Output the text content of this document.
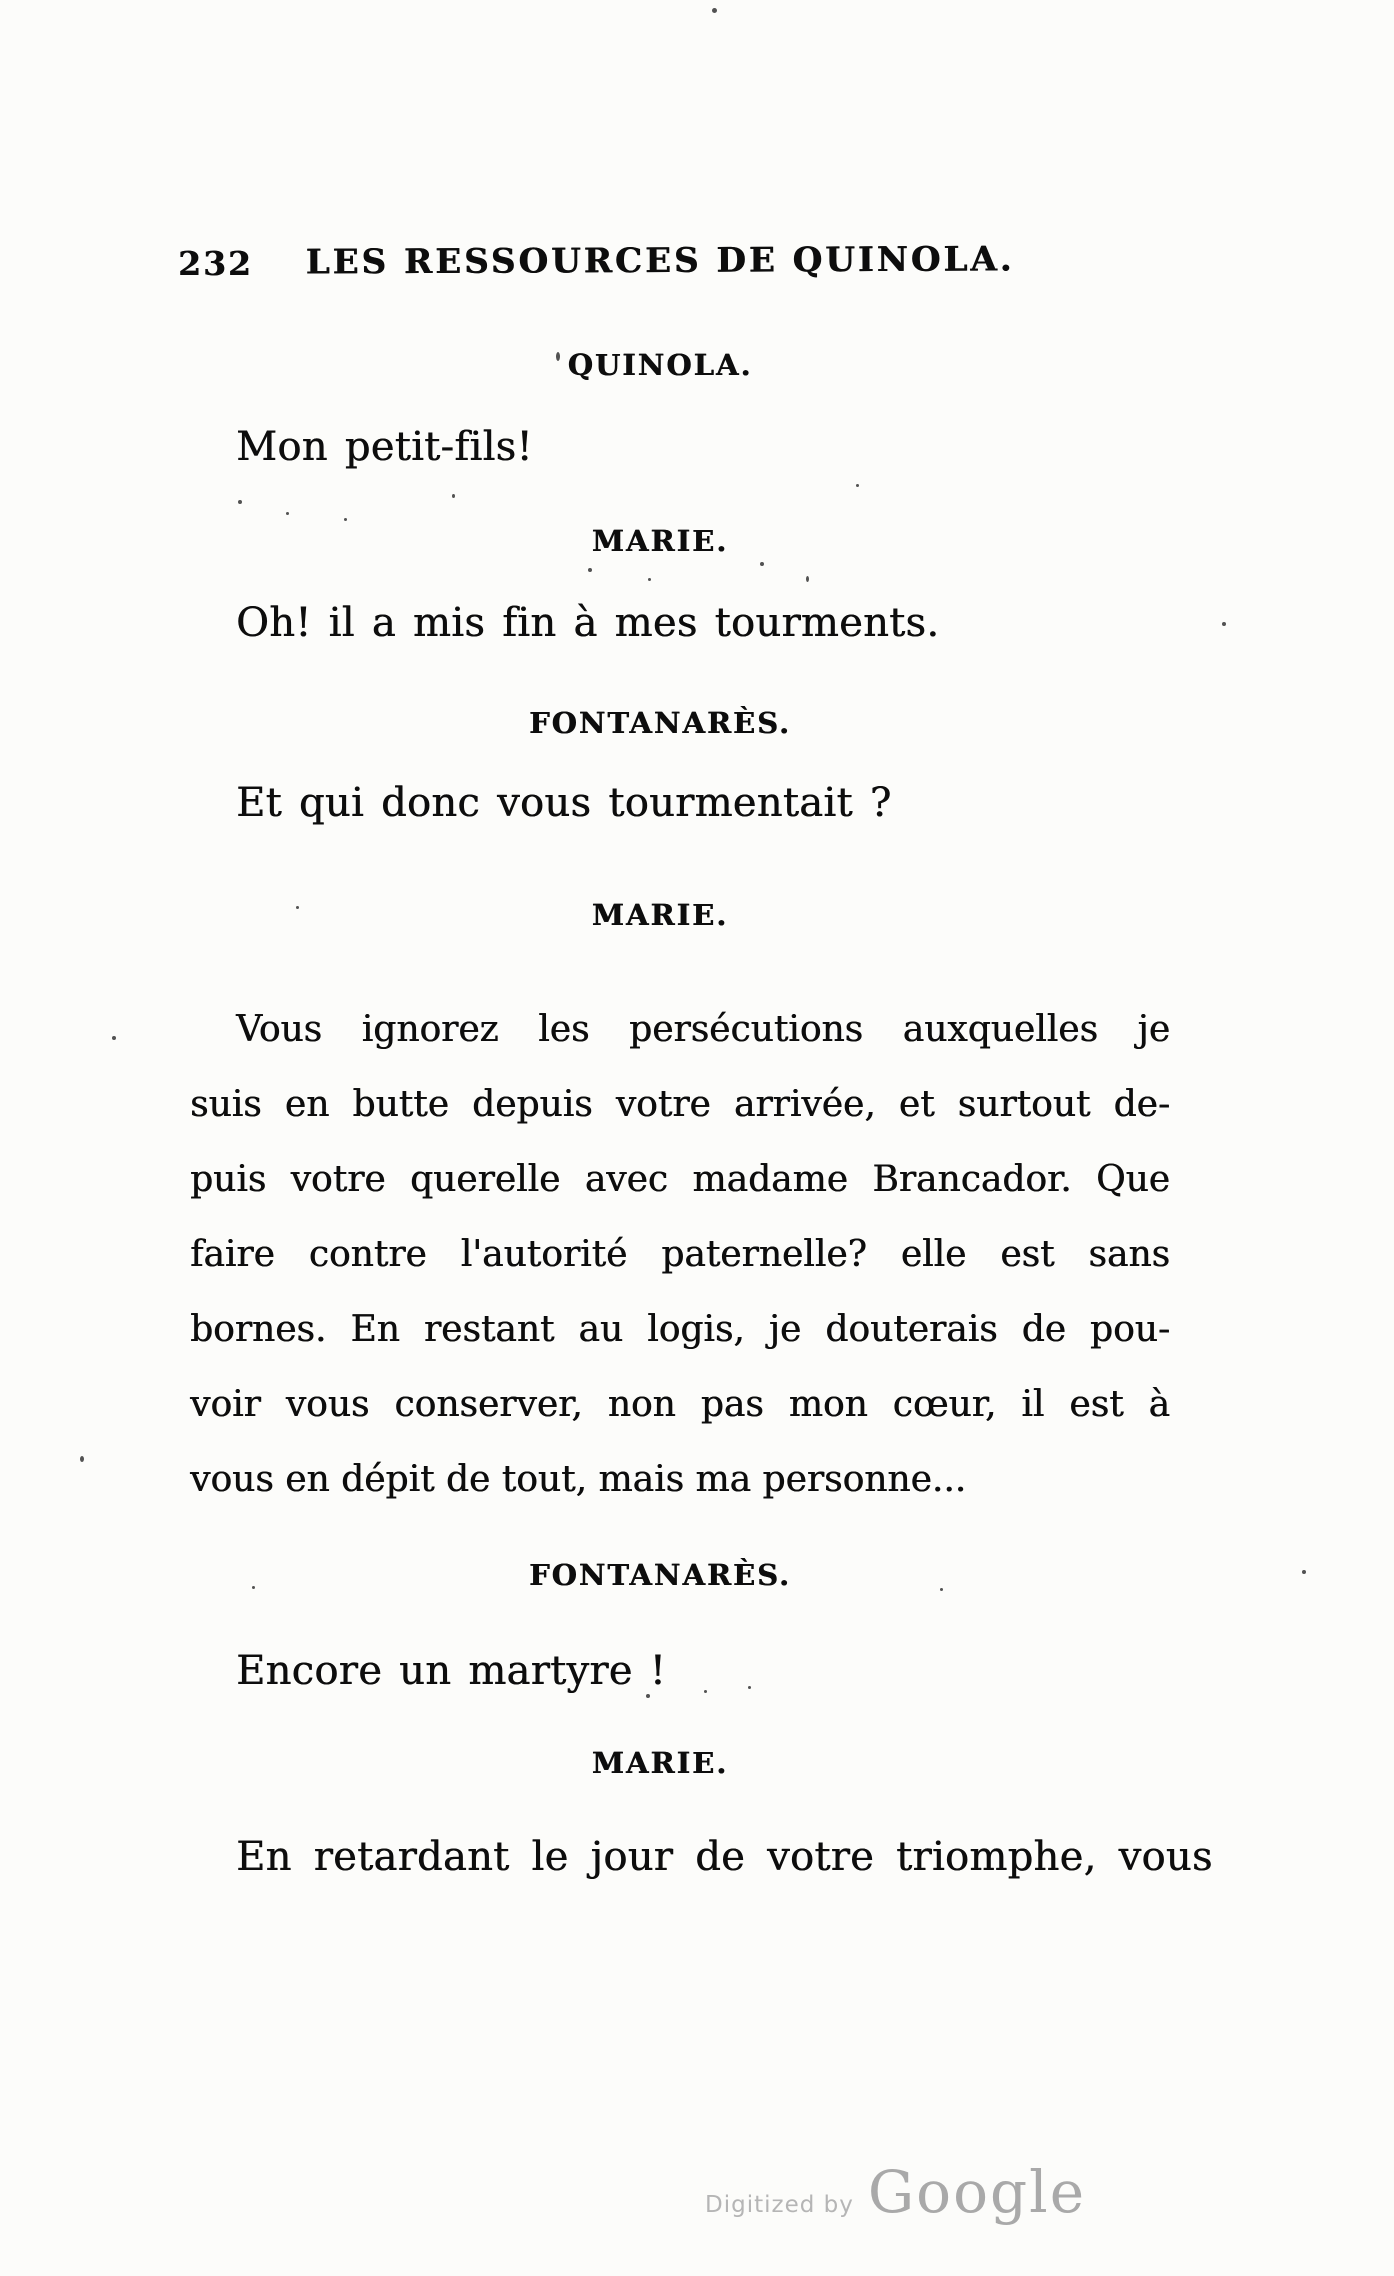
232	LES RESSOURCES DE QUINOLA.
QUINOLA.
Mon petit-fils!
MARIE.
Oh! il a mis fin à mes tourments.
FONTANARÈS.
Et qui donc vous tourmentait ?
MARIE.
Vous ignorez les persécutions auxquelles je
suis en butte depuis votre arrivée, et surtout de-
puis votre querelle avec madame Brancador. Que
faire contre l'autorité paternelle? elle est sans
bornes. En restant au logis, je douterais de pou-
voir vous conserver, non pas mon cœur, il est à
vous en dépit de tout, mais ma personne...
FONTANARÈS.
Encore un martyre !
MARIE.
En retardant le jour de votre triomphe, vous
Digitized by Google
